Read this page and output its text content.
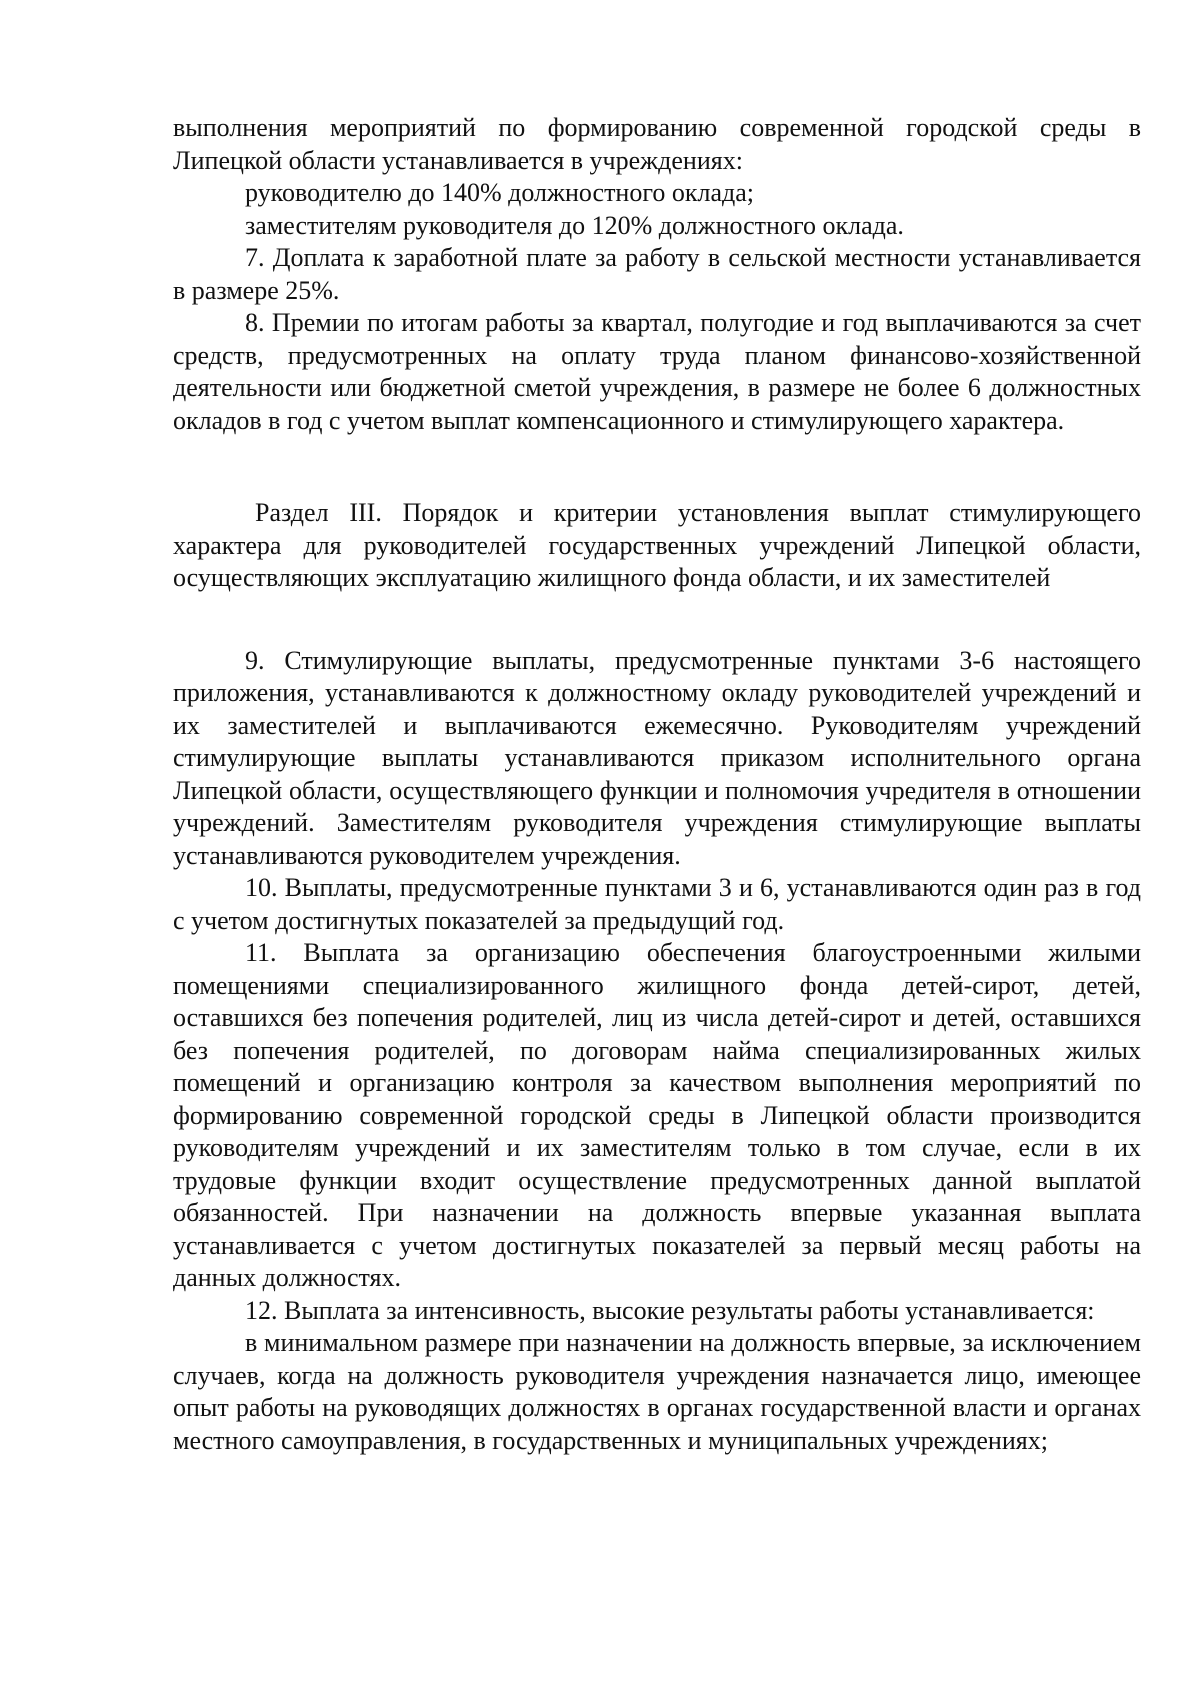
выполнения мероприятий по формированию современной городской среды в Липецкой области устанавливается в учреждениях:

руководителю до 140% должностного оклада;

заместителям руководителя до 120% должностного оклада.

7. Доплата к заработной плате за работу в сельской местности устанавливается в размере 25%.

8. Премии по итогам работы за квартал, полугодие и год выплачиваются за счет средств, предусмотренных на оплату труда планом финансово-хозяйственной деятельности или бюджетной сметой учреждения, в размере не более 6 должностных окладов в год с учетом выплат компенсационного и стимулирующего характера.

Раздел III. Порядок и критерии установления выплат стимулирующего характера для руководителей государственных учреждений Липецкой области, осуществляющих эксплуатацию жилищного фонда области, и их заместителей

9. Стимулирующие выплаты, предусмотренные пунктами 3-6 настоящего приложения, устанавливаются к должностному окладу руководителей учреждений и их заместителей и выплачиваются ежемесячно. Руководителям учреждений стимулирующие выплаты устанавливаются приказом исполнительного органа Липецкой области, осуществляющего функции и полномочия учредителя в отношении учреждений. Заместителям руководителя учреждения стимулирующие выплаты устанавливаются руководителем учреждения.

10. Выплаты, предусмотренные пунктами 3 и 6, устанавливаются один раз в год с учетом достигнутых показателей за предыдущий год.

11. Выплата за организацию обеспечения благоустроенными жилыми помещениями специализированного жилищного фонда детей-сирот, детей, оставшихся без попечения родителей, лиц из числа детей-сирот и детей, оставшихся без попечения родителей, по договорам найма специализированных жилых помещений и организацию контроля за качеством выполнения мероприятий по формированию современной городской среды в Липецкой области производится руководителям учреждений и их заместителям только в том случае, если в их трудовые функции входит осуществление предусмотренных данной выплатой обязанностей. При назначении на должность впервые указанная выплата устанавливается с учетом достигнутых показателей за первый месяц работы на данных должностях.

12. Выплата за интенсивность, высокие результаты работы устанавливается:

в минимальном размере при назначении на должность впервые, за исключением случаев, когда на должность руководителя учреждения назначается лицо, имеющее опыт работы на руководящих должностях в органах государственной власти и органах местного самоуправления, в государственных и муниципальных учреждениях;
